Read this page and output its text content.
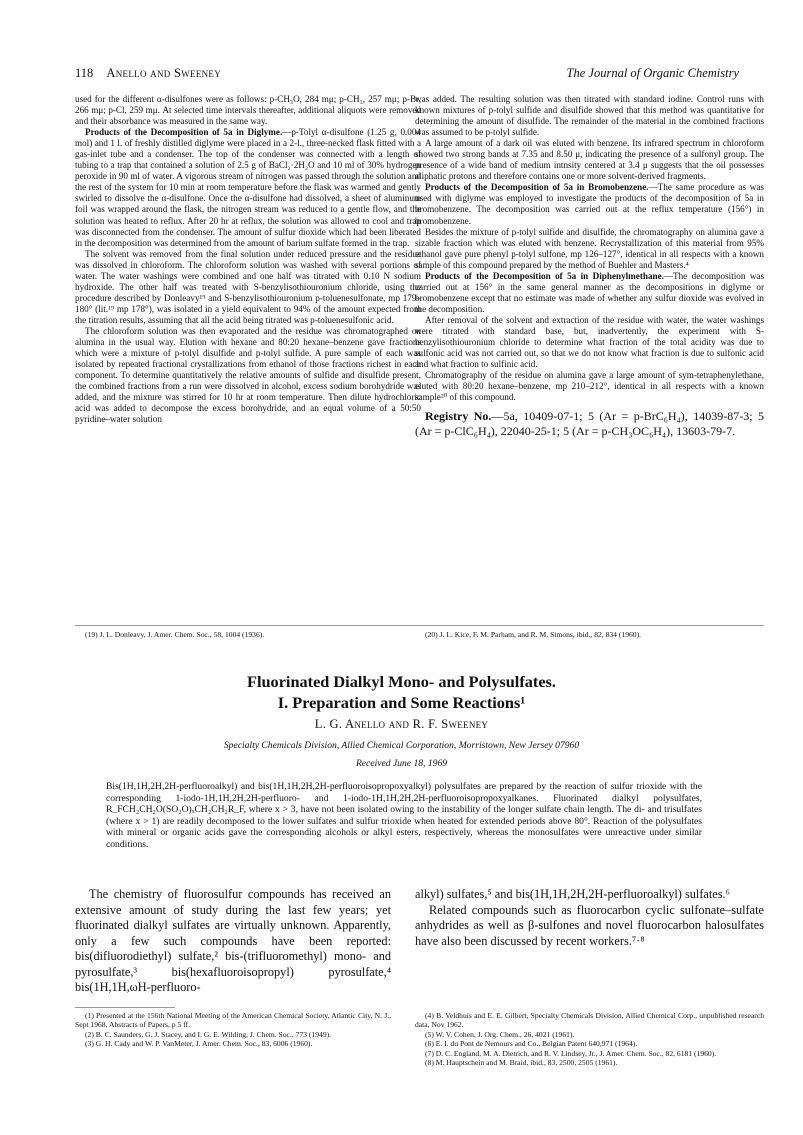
118 Anello and Sweeney	The Journal of Organic Chemistry

used for the different α-disulfones were as follows: p-CH₃O, 284 mμ; p-CH₃, 257 mμ; p-Br, 266 mμ; p-Cl, 259 mμ. At selected time intervals thereafter, additional aliquots were removed and their absorbance was measured in the same way.

Products of the Decomposition of 5a in Diglyme.—p-Tolyl α-disulfone (1.25 g, 0.004 mol) and 1 l. of freshly distilled diglyme were placed in a 2-l., three-necked flask fitted with a gas-inlet tube and a condenser. The top of the condenser was connected with a length of tubing to a trap that contained a solution of 2.5 g of BaCl₂·2H₂O and 10 ml of 30% hydrogen peroxide in 90 ml of water. A vigorous stream of nitrogen was passed through the solution and the rest of the system for 10 min at room temperature before the flask was warmed and gently swirled to dissolve the α-disulfone. Once the α-disulfone had dissolved, a sheet of aluminum foil was wrapped around the flask, the nitrogen stream was reduced to a gentle flow, and the solution was heated to reflux. After 20 hr at reflux, the solution was allowed to cool and trap was disconnected from the condenser. The amount of sulfur dioxide which had been liberated in the decomposition was determined from the amount of barium sulfate formed in the trap.

The solvent was removed from the final solution under reduced pressure and the residue was dissolved in chloroform. The chloroform solution was washed with several portions of water. The water washings were combined and one half was titrated with 0.10 N sodium hydroxide. The other half was treated with S-benzylisothiouronium chloride, using the procedure described by Donleavy¹⁹ and S-benzylisothiouronium p-toluenesulfonate, mp 179–180° (lit.¹⁹ mp 178°), was isolated in a yield equivalent to 94% of the amount expected from the titration results, assuming that all the acid being titrated was p-toluenesulfonic acid.

The chloroform solution was then evaporated and the residue was chromatographed on alumina in the usual way. Elution with hexane and 80:20 hexane–benzene gave fractions which were a mixture of p-tolyl disulfide and p-tolyl sulfide. A pure sample of each was isolated by repeated fractional crystallizations from ethanol of those fractions richest in each component. To determine quantitatively the relative amounts of sulfide and disulfide present, the combined fractions from a run were dissolved in alcohol, excess sodium borohydride was added, and the mixture was stirred for 10 hr at room temperature. Then dilute hydrochloric acid was added to decompose the excess borohydride, and an equal volume of a 50:50 pyridine–water solution

was added. The resulting solution was then titrated with standard iodine. Control runs with known mixtures of p-tolyl sulfide and disulfide showed that this method was quantitative for determining the amount of disulfide. The remainder of the material in the combined fractions was assumed to be p-tolyl sulfide.

A large amount of a dark oil was eluted with benzene. Its infrared spectrum in chloroform showed two strong bands at 7.35 and 8.50 μ, indicating the presence of a sulfonyl group. The presence of a wide band of medium intnsity centered at 3.4 μ suggests that the oil possesses aliphatic protons and therefore contains one or more solvent-derived fragments.

Products of the Decomposition of 5a in Bromobenzene.—The same procedure as was used with diglyme was employed to investigate the products of the decomposition of 5a in bromobenzene. The decomposition was carried out at the reflux temperature (156°) in bromobenzene.

Besides the mixture of p-tolyl sulfide and disulfide, the chromatography on alumina gave a sizable fraction which was eluted with benzene. Recrystallization of this material from 95% ethanol gave pure phenyl p-tolyl sulfone, mp 126–127°, identical in all respects with a known sample of this compound prepared by the method of Buehler and Masters.⁴

Products of the Decomposition of 5a in Diphenylmethane.—The decomposition was carried out at 156° in the same general manner as the decompositions in diglyme or bromobenzene except that no estimate was made of whether any sulfur dioxide was evolved in the decomposition.

After removal of the solvent and extraction of the residue with water, the water washings were titrated with standard base, but, inadvertently, the experiment with S-benzylisothiouronium chloride to determine what fraction of the total acidity was due to sulfonic acid was not carried out, so that we do not know what fraction is due to sulfonic acid and what fraction to sulfinic acid.

Chromatography of the residue on alumina gave a large amount of sym-tetraphenylethane, eluted with 80:20 hexane–benzene, mp 210–212°, identical in all respects with a known sample²⁰ of this compound.

Registry No.—5a, 10409-07-1; 5 (Ar = p-BrC₆H₄), 14039-87-3; 5 (Ar = p-ClC₆H₄), 22040-25-1; 5 (Ar = p-CH₃OC₆H₄), 13603-79-7.

(19) J. L. Donleavy, J. Amer. Chem. Soc., 58, 1004 (1936).	(20) J. L. Kice, F. M. Parham, and R. M. Simons, ibid., 82, 834 (1960).
Fluorinated Dialkyl Mono- and Polysulfates.
I. Preparation and Some Reactions¹
L. G. Anello and R. F. Sweeney
Specialty Chemicals Division, Allied Chemical Corporation, Morristown, New Jersey 07960
Received June 18, 1969
Bis(1H,1H,2H,2H-perfluoroalkyl) and bis(1H,1H,2H,2H-perfluoroisopropoxyalkyl) polysulfates are prepared by the reaction of sulfur trioxide with the corresponding 1-iodo-1H,1H,2H,2H-perfluoro- and 1-iodo-1H,1H,2H,2H-perfluoroisopropoxyalkanes. Fluorinated dialkyl polysulfates, R_FCH₂CH₂O(SO₂O)ₓCH₂CH₂R_F, where x > 3, have not been isolated owing to the instability of the longer sulfate chain length. The di- and trisulfates (where x > 1) are readily decomposed to the lower sulfates and sulfur trioxide when heated for extended periods above 80°. Reaction of the polysulfates with mineral or organic acids gave the corresponding alcohols or alkyl esters, respectively, whereas the monosulfates were unreactive under similar conditions.

The chemistry of fluorosulfur compounds has received an extensive amount of study during the last few years; yet fluorinated dialkyl sulfates are virtually unknown. Apparently, only a few such compounds have been reported: bis(difluorodiethyl) sulfate,² bis-(trifluoromethyl) mono- and pyrosulfate,³ bis(hexafluoroisopropyl) pyrosulfate,⁴ bis(1H,1H,ωH-perfluoro-

alkyl) sulfates,⁵ and bis(1H,1H,2H,2H-perfluoroalkyl) sulfates.⁶

Related compounds such as fluorocarbon cyclic sulfonate–sulfate anhydrides as well as β-sulfones and novel fluorocarbon halosulfates have also been discussed by recent workers.⁷·⁸

(1) Presented at the 156th National Meeting of the American Chemical Society, Atlantic City, N. J., Sept 1968, Abstracts of Papers, p 5 ff.

(2) B. C. Saunders, G. J. Stacey, and I. G. E. Wilding, J. Chem. Soc., 773 (1949).

(3) G. H. Cady and W. P. VanMeter, J. Amer. Chem. Soc., 83, 6006 (1960).

(4) B. Veldhuis and E. E. Gilbert, Specialty Chemicals Division, Allied Chemical Corp., unpublished research data, Nov 1962.

(5) W. V. Cohen, J. Org. Chem., 26, 4021 (1961).

(6) E. I. du Pont de Nemours and Co., Belgian Patent 640,971 (1964).

(7) D. C. England, M. A. Dietrich, and R. V. Lindsey, Jr., J. Amer. Chem. Soc., 82, 6181 (1960).

(8) M. Hauptschein and M. Braid, ibid., 83, 2500, 2505 (1961).
